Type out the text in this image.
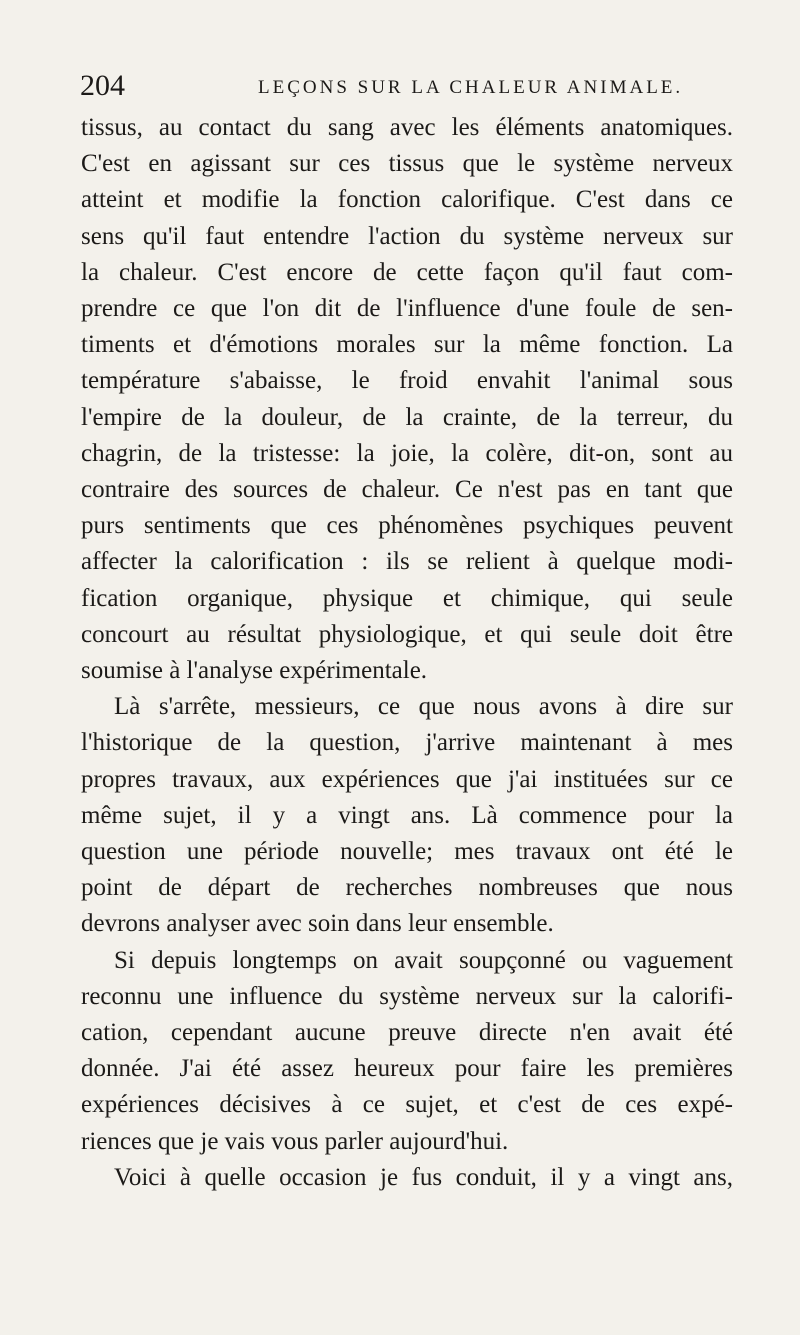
204	LEÇONS SUR LA CHALEUR ANIMALE.

tissus, au contact du sang avec les éléments anatomiques.
C'est en agissant sur ces tissus que le système nerveux
atteint et modifie la fonction calorifique. C'est dans ce
sens qu'il faut entendre l'action du système nerveux sur
la chaleur. C'est encore de cette façon qu'il faut com-
prendre ce que l'on dit de l'influence d'une foule de sen-
timents et d'émotions morales sur la même fonction. La
température s'abaisse, le froid envahit l'animal sous
l'empire de la douleur, de la crainte, de la terreur, du
chagrin, de la tristesse: la joie, la colère, dit-on, sont au
contraire des sources de chaleur. Ce n'est pas en tant que
purs sentiments que ces phénomènes psychiques peuvent
affecter la calorification : ils se relient à quelque modi-
fication organique, physique et chimique, qui seule
concourt au résultat physiologique, et qui seule doit être
soumise à l'analyse expérimentale.

Là s'arrête, messieurs, ce que nous avons à dire sur
l'historique de la question, j'arrive maintenant à mes
propres travaux, aux expériences que j'ai instituées sur ce
même sujet, il y a vingt ans. Là commence pour la
question une période nouvelle; mes travaux ont été le
point de départ de recherches nombreuses que nous
devrons analyser avec soin dans leur ensemble.

Si depuis longtemps on avait soupçonné ou vaguement
reconnu une influence du système nerveux sur la calorifi-
cation, cependant aucune preuve directe n'en avait été
donnée. J'ai été assez heureux pour faire les premières
expériences décisives à ce sujet, et c'est de ces expé-
riences que je vais vous parler aujourd'hui.

Voici à quelle occasion je fus conduit, il y a vingt ans,
